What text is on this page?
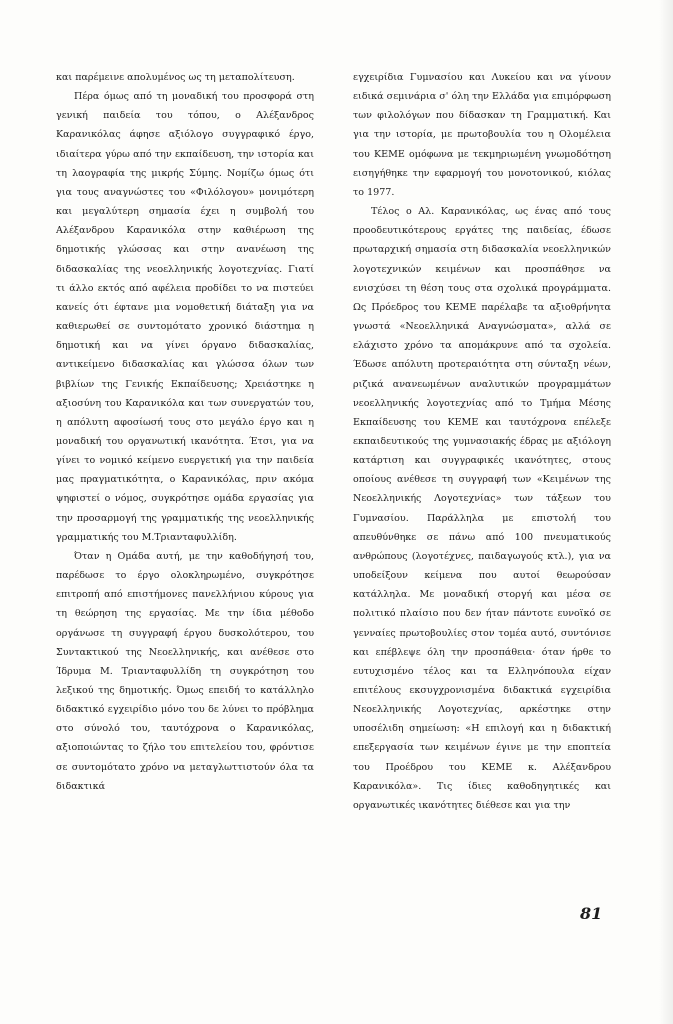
και παρέμεινε απολυμένος ως τη μεταπολίτευση.

Πέρα όμως από τη μοναδική του προσφορά στη γενική παιδεία του τόπου, ο Αλέξανδρος Καρανικόλας άφησε αξιόλογο συγγραφικό έργο, ιδιαίτερα γύρω από την εκπαίδευση, την ιστορία και τη λαογραφία της μικρής Σύμης. Νομίζω όμως ότι για τους αναγνώστες του «Φιλόλογου» μονιμότερη και μεγαλύτερη σημασία έχει η συμβολή του Αλέξανδρου Καρανικόλα στην καθιέρωση της δημοτικής γλώσσας και στην ανανέωση της διδασκαλίας της νεοελληνικής λογοτεχνίας. Γιατί τι άλλο εκτός από αφέλεια προδίδει το να πιστεύει κανείς ότι έφτανε μια νομοθετική διάταξη για να καθιερωθεί σε συντομότατο χρονικό διάστημα η δημοτική και να γίνει όργανο διδασκαλίας, αντικείμενο διδασκαλίας και γλώσσα όλων των βιβλίων της Γενικής Εκπαίδευσης; Χρειάστηκε η αξιοσύνη του Καρανικόλα και των συνεργατών του, η απόλυτη αφοσίωσή τους στο μεγάλο έργο και η μοναδική του οργανωτική ικανότητα. Έτσι, για να γίνει το νομικό κείμενο ευεργετική για την παιδεία μας πραγματικότητα, ο Καρανικόλας, πριν ακόμα ψηφιστεί ο νόμος, συγκρότησε ομάδα εργασίας για την προσαρμογή της γραμματικής της νεοελληνικής γραμματικής του Μ.Τριανταφυλλίδη.

Όταν η Ομάδα αυτή, με την καθοδήγησή του, παρέδωσε το έργο ολοκληρωμένο, συγκρότησε επιτροπή από επιστήμονες πανελλήνιου κύρους για τη θεώρηση της εργασίας. Με την ίδια μέθοδο οργάνωσε τη συγγραφή έργου δυσκολότερου, του Συντακτικού της Νεοελληνικής, και ανέθεσε στο Ίδρυμα Μ. Τριανταφυλλίδη τη συγκρότηση του λεξικού της δημοτικής. Όμως επειδή το κατάλληλο διδακτικό εγχειρίδιο μόνο του δε λύνει το πρόβλημα στο σύνολό του, ταυτόχρονα ο Καρανικόλας, αξιοποιώντας το ζήλο του επιτελείου του, φρόντισε σε συντομότατο χρόνο να μεταγλωττιστούν όλα τα διδακτικά

εγχειρίδια Γυμνασίου και Λυκείου και να γίνουν ειδικά σεμινάρια σ' όλη την Ελλάδα για επιμόρφωση των φιλολόγων που δίδασκαν τη Γραμματική. Και για την ιστορία, με πρωτοβουλία του η Ολομέλεια του ΚΕΜΕ ομόφωνα με τεκμηριωμένη γνωμοδότηση εισηγήθηκε την εφαρμογή του μονοτονικού, κιόλας το 1977.

Τέλος ο Αλ. Καρανικόλας, ως ένας από τους προοδευτικότερους εργάτες της παιδείας, έδωσε πρωταρχική σημασία στη διδασκαλία νεοελληνικών λογοτεχνικών κειμένων και προσπάθησε να ενισχύσει τη θέση τους στα σχολικά προγράμματα. Ως Πρόεδρος του ΚΕΜΕ παρέλαβε τα αξιοθρήνητα γνωστά «Νεοελληνικά Αναγνώσματα», αλλά σε ελάχιστο χρόνο τα απομάκρυνε από τα σχολεία. Έδωσε απόλυτη προτεραιότητα στη σύνταξη νέων, ριζικά ανανεωμένων αναλυτικών προγραμμάτων νεοελληνικής λογοτεχνίας από το Τμήμα Μέσης Εκπαίδευσης του ΚΕΜΕ και ταυτόχρονα επέλεξε εκπαιδευτικούς της γυμνασιακής έδρας με αξιόλογη κατάρτιση και συγγραφικές ικανότητες, στους οποίους ανέθεσε τη συγγραφή των «Κειμένων της Νεοελληνικής Λογοτεχνίας» των τάξεων του Γυμνασίου. Παράλληλα με επιστολή του απευθύνθηκε σε πάνω από 100 πνευματικούς ανθρώπους (λογοτέχνες, παιδαγωγούς κτλ.), για να υποδείξουν κείμενα που αυτοί θεωρούσαν κατάλληλα. Με μοναδική στοργή και μέσα σε πολιτικό πλαίσιο που δεν ήταν πάντοτε ευνοϊκό σε γενναίες πρωτοβουλίες στον τομέα αυτό, συντόνισε και επέβλεψε όλη την προσπάθεια· όταν ήρθε το ευτυχισμένο τέλος και τα Ελληνόπουλα είχαν επιτέλους εκσυγχρονισμένα διδακτικά εγχειρίδια Νεοελληνικής Λογοτεχνίας, αρκέστηκε στην υποσέλιδη σημείωση: «Η επιλογή και η διδακτική επεξεργασία των κειμένων έγινε με την εποπτεία του Προέδρου του ΚΕΜΕ κ. Αλέξανδρου Καρανικόλα». Τις ίδιες καθοδηγητικές και οργανωτικές ικανότητες διέθεσε και για την

81
